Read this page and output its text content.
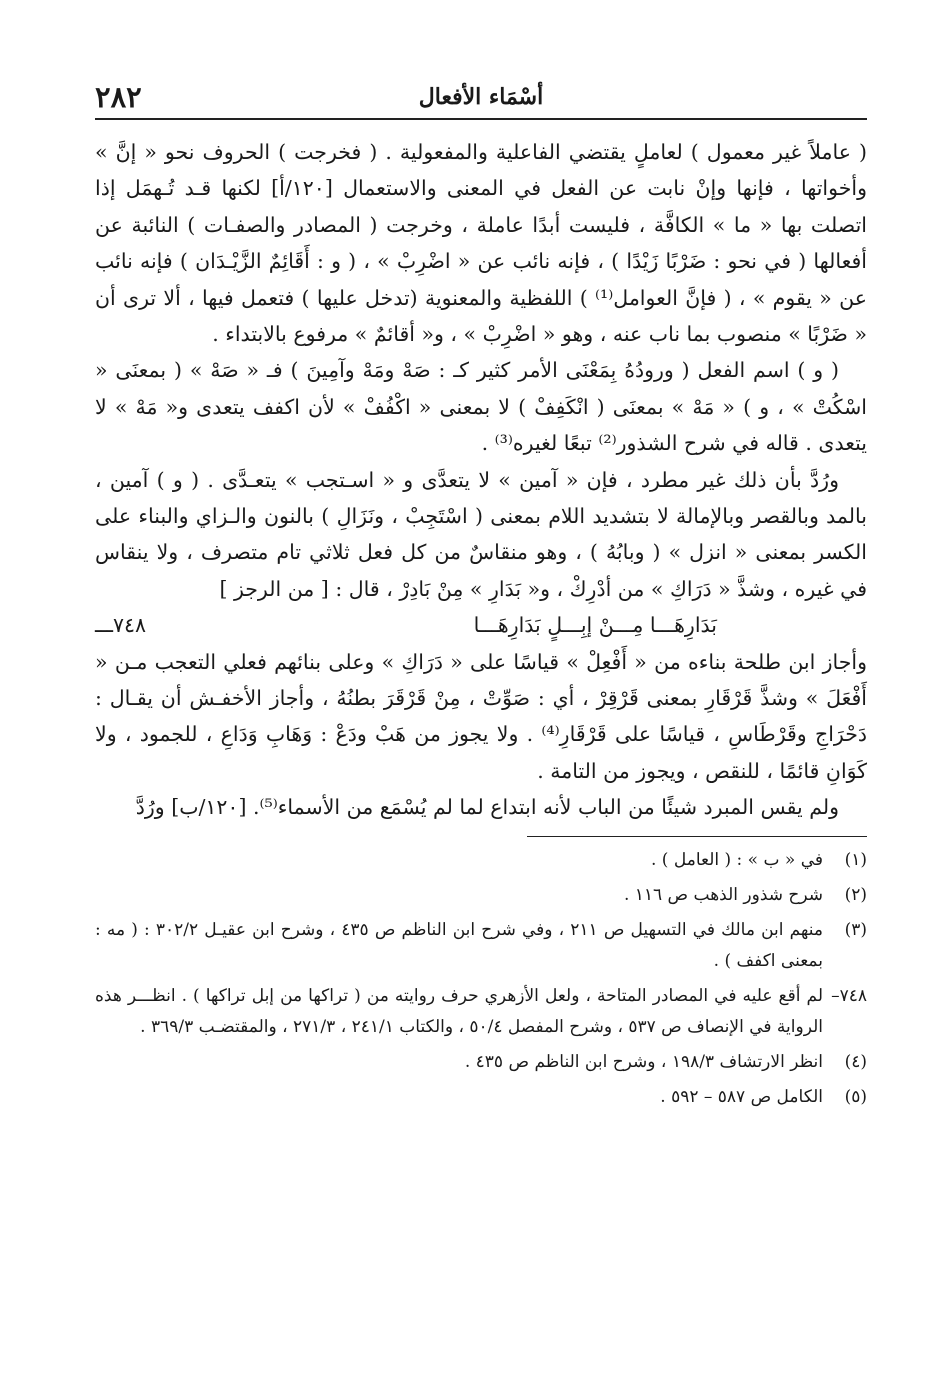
٢٨٢	أسْمَاء الأفعال

( عاملاً غير معمول ) لعاملٍ يقتضي الفاعلية والمفعولية . ( فخرجت ) الحروف نحو « إنَّ » وأخواتها ، فإنها وإنْ نابت عن الفعل في المعنى والاستعمال [١٢٠/أ] لكنها قـد تُـهمَل إذا اتصلت بها « ما » الكافَّة ، فليست أبدًا عاملة ، وخرجت ( المصادر والصفـات ) النائبة عن أفعالها ( في نحو : ضَرْبًا زَيْدًا ) ، فإنه نائب عن « اضْرِبْ » ، ( و : أَقَائِمٌ الزَّيْـدَان ) فإنه نائب عن « يقوم » ، ( فإنَّ العوامل⁽¹⁾ ) اللفظية والمعنوية (تدخل عليها ) فتعمل فيها ، ألا ترى أن « ضَرْبًا » منصوب بما ناب عنه ، وهو « اضْرِبْ » ، و« أقائمٌ » مرفوع بالابتداء .

( و ) اسم الفعل ( ورودُهُ بِمَعْنَى الأمر كثير كـ : صَهْ ومَهْ وآمِينَ ) فـ « صَهْ » ( بمعنَى « اسْكُتْ » ، و ) « مَهْ » بمعنَى ( انْكَفِفْ ) لا بمعنى « اكْفُفْ » لأن اكفف يتعدى و« مَهْ » لا يتعدى . قاله في شرح الشذور⁽²⁾ تبعًا لغيره⁽³⁾ .

ورُدَّ بأن ذلك غير مطرد ، فإن « آمين » لا يتعدَّى و « اسـتجب » يتعـدَّى . ( و ) آمين ، بالمد وبالقصر وبالإمالة لا بتشديد اللام بمعنى ( اسْتَجِبْ ، ونَزَالِ ) بالنون والـزاي والبناء على الكسر بمعنى « انزل » ( وبابُهُ ) ، وهو منقاسٌ من كل فعل ثلاثي تام متصرف ، ولا ينقاس في غيره ، وشذَّ « دَرَاكِ » من أدْرِكْ ، و« بَدَارِ » مِنْ بَادِرْ ، قال : [ من الرجز ]

٧٤٨ـــ	بَدَارِهَـــا مِـــنْ إبِـــلٍ بَدَارِهَـــا

وأجاز ابن طلحة بناءه من « أَفْعِلْ » قياسًا على « دَرَاكِ » وعلى بنائهم فعلي التعجب مـن « أَفْعَلَ » وشذَّ قَرْقَارِ بمعنى قَرْقِرْ ، أي : صَوِّتْ ، مِنْ قَرْقَرَ بطنُهُ ، وأجاز الأخفـش أن يقـال : دَحْرَاجِ وقَرْطَاسِ ، قياسًا على قَرْقَارِ⁽⁴⁾ . ولا يجوز من هَبْ ودَعْ : وَهَابِ وَدَاعِ ، للجمود ، ولا كَوَانِ قائمًا ، للنقص ، ويجوز من التامة .

ولم يقس المبرد شيئًا من الباب لأنه ابتداع لما لم يُسْمَع من الأسماء⁽⁵⁾. [١٢٠/ب] ورُدَّ

(١)
في « ب » : ( العامل ) .
(٢)
شرح شذور الذهب ص ١١٦ .
(٣)
منهم ابن مالك في التسهيل ص ٢١١ ، وفي شرح ابن الناظم ص ٤٣٥ ، وشرح ابن عقيـل ٣٠٢/٢ : ( مه : بمعنى اكفف ) .
٧٤٨–
لم أقع عليه في المصادر المتاحة ، ولعل الأزهري حرف روايته من ( تراكها من إبل تراكها ) . انظـــر هذه الرواية في الإنصاف ص ٥٣٧ ، وشرح المفصل ٥٠/٤ ، والكتاب ٢٤١/١ ، ٢٧١/٣ ، والمقتضـب ٣٦٩/٣ .
(٤)
انظر الارتشاف ١٩٨/٣ ، وشرح ابن الناظم ص ٤٣٥ .
(٥)
الكامل ص ٥٨٧ – ٥٩٢ .
